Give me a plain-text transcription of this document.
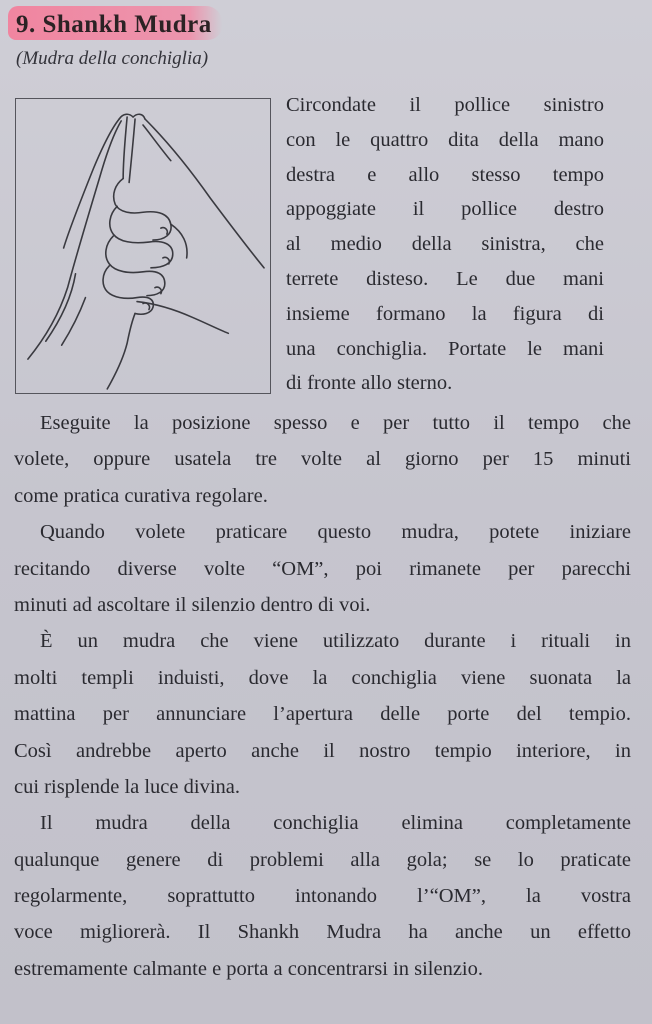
9. Shankh Mudra

(Mudra della conchiglia)

Circondate il pollice sinistro
con le quattro dita della mano
destra e allo stesso tempo
appoggiate il pollice destro
al medio della sinistra, che
terrete disteso. Le due mani
insieme formano la figura di
una conchiglia. Portate le mani
di fronte allo sterno.
Eseguite la posizione spesso e per tutto il tempo che
volete, oppure usatela tre volte al giorno per 15 minuti
come pratica curativa regolare.
Quando volete praticare questo mudra, potete iniziare
recitando diverse volte “OM”, poi rimanete per parecchi
minuti ad ascoltare il silenzio dentro di voi.
È un mudra che viene utilizzato durante i rituali in
molti templi induisti, dove la conchiglia viene suonata la
mattina per annunciare l’apertura delle porte del tempio.
Così andrebbe aperto anche il nostro tempio interiore, in
cui risplende la luce divina.
Il mudra della conchiglia elimina completamente
qualunque genere di problemi alla gola; se lo praticate
regolarmente, soprattutto intonando l’“OM”, la vostra
voce migliorerà. Il Shankh Mudra ha anche un effetto
estremamente calmante e porta a concentrarsi in silenzio.
